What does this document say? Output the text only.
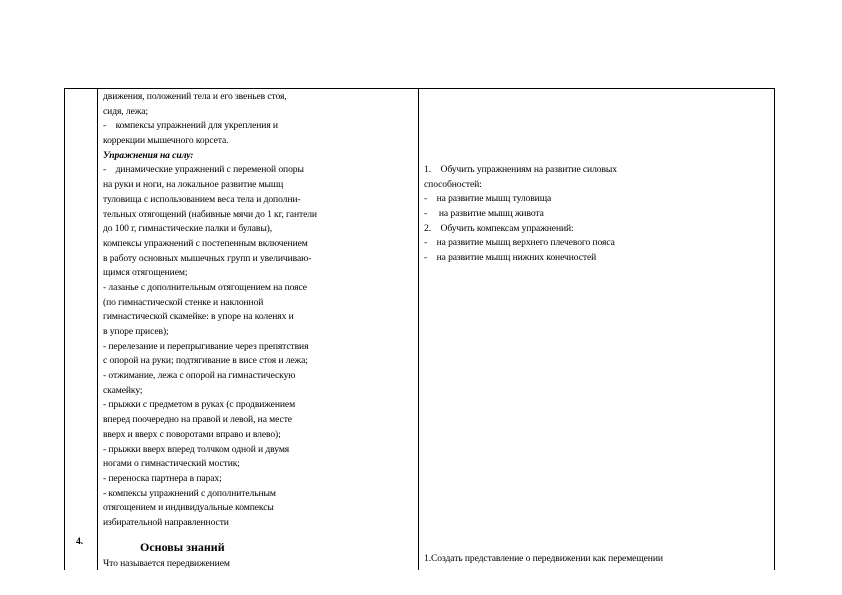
4.
движения, положений тела и его звеньев стоя,
сидя, лежа;
- компексы упражнений для укрепления и
коррекции мышечного корсета.
Упражнения на силу:
- динамические упражнений с переменой опоры
на руки и ноги, на локальное развитие мышц
туловища с использованием веса тела и дополни-
тельных отягощений (набивные мячи до 1 кг, гантели
до 100 г, гимнастические палки и булавы),
компексы упражнений с постепенным включением
в работу основных мышечных групп и увеличиваю-
щимся отягощением;
- лазанье с дополнительным отягощением на поясе
(по гимнастической стенке и наклонной
гимнастической скамейке: в упоре на коленях и
в упоре присев);
- перелезание и перепрыгивание через препятствия
с опорой на руки; подтягивание в висе стоя и лежа;
- отжимание, лежа с опорой на гимнастическую
скамейку;
- прыжки с предметом в руках (с продвижением
вперед поочередно на правой и левой, на месте
вверх и вверх с поворотами вправо и влево);
- прыжки вверх вперед толчком одной и двумя
ногами о гимнастический мостик;
- переноска партнера в парах;
- компексы упражнений с дополнительным
отягощением и индивидуальные компексы
избирательной направленности
Основы знаний
Что называется передвижением
1. Обучить упражнениям на развитие силовых
способностей:
- на развитие мышц туловища
-  на развитие мышц живота
2. Обучить компексам упражнений:
- на развитие мышц верхнего плечевого пояса
- на развитие мышц нижних конечностей
1.Создать представление о передвижении как перемещении
